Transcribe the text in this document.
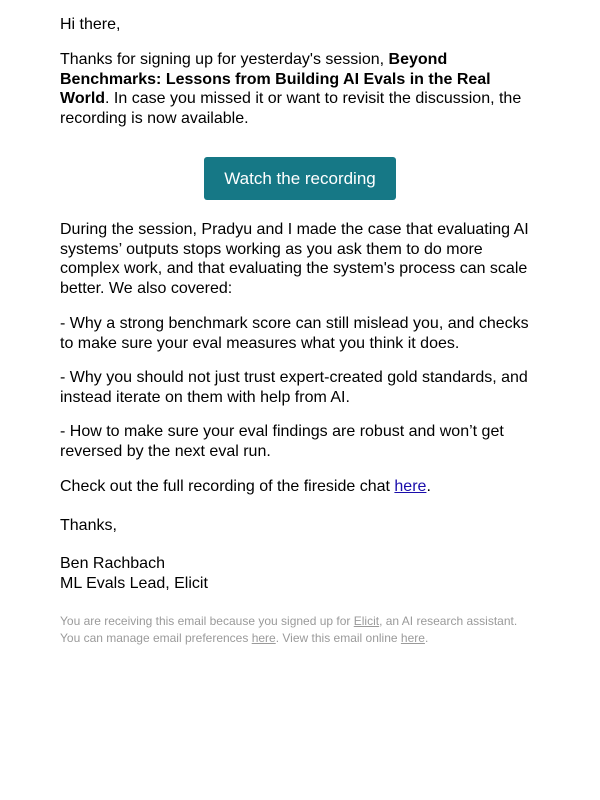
Hi there,

Thanks for signing up for yesterday's session, Beyond Benchmarks: Lessons from Building AI Evals in the Real World. In case you missed it or want to revisit the discussion, the recording is now available.

Watch the recording

During the session, Pradyu and I made the case that evaluating AI systems’ outputs stops working as you ask them to do more complex work, and that evaluating the system's process can scale better. We also covered:

- Why a strong benchmark score can still mislead you, and checks to make sure your eval measures what you think it does.

- Why you should not just trust expert-created gold standards, and instead iterate on them with help from AI.

- How to make sure your eval findings are robust and won’t get reversed by the next eval run.

Check out the full recording of the fireside chat here.

Thanks,

Ben Rachbach
ML Evals Lead, Elicit
You are receiving this email because you signed up for Elicit, an AI research assistant.
You can manage email preferences here. View this email online here.
